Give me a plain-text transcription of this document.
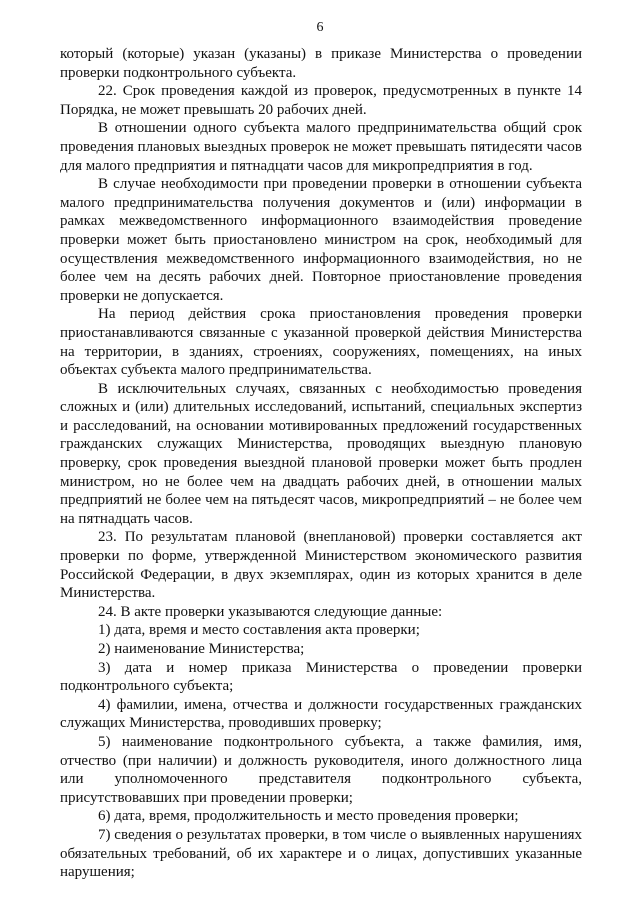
6

который (которые) указан (указаны) в приказе Министерства о проведении проверки подконтрольного субъекта.

22. Срок проведения каждой из проверок, предусмотренных в пункте 14 Порядка, не может превышать 20 рабочих дней.

В отношении одного субъекта малого предпринимательства общий срок проведения плановых выездных проверок не может превышать пятидесяти часов для малого предприятия и пятнадцати часов для микропредприятия в год.

В случае необходимости при проведении проверки в отношении субъекта малого предпринимательства получения документов и (или) информации в рамках межведомственного информационного взаимодействия проведение проверки может быть приостановлено министром на срок, необходимый для осуществления межведомственного информационного взаимодействия, но не более чем на десять рабочих дней. Повторное приостановление проведения проверки не допускается.

На период действия срока приостановления проведения проверки приостанавливаются связанные с указанной проверкой действия Министерства на территории, в зданиях, строениях, сооружениях, помещениях, на иных объектах субъекта малого предпринимательства.

В исключительных случаях, связанных с необходимостью проведения сложных и (или) длительных исследований, испытаний, специальных экспертиз и расследований, на основании мотивированных предложений государственных гражданских служащих Министерства, проводящих выездную плановую проверку, срок проведения выездной плановой проверки может быть продлен министром, но не более чем на двадцать рабочих дней, в отношении малых предприятий не более чем на пятьдесят часов, микропредприятий – не более чем на пятнадцать часов.

23. По результатам плановой (внеплановой) проверки составляется акт проверки по форме, утвержденной Министерством экономического развития Российской Федерации, в двух экземплярах, один из которых хранится в деле Министерства.

24. В акте проверки указываются следующие данные:

1) дата, время и место составления акта проверки;

2) наименование Министерства;

3) дата и номер приказа Министерства о проведении проверки подконтрольного субъекта;

4) фамилии, имена, отчества и должности государственных гражданских служащих Министерства, проводивших проверку;

5) наименование подконтрольного субъекта, а также фамилия, имя, отчество (при наличии) и должность руководителя, иного должностного лица или уполномоченного представителя подконтрольного субъекта, присутствовавших при проведении проверки;

6) дата, время, продолжительность и место проведения проверки;

7) сведения о результатах проверки, в том числе о выявленных нарушениях обязательных требований, об их характере и о лицах, допустивших указанные нарушения;
